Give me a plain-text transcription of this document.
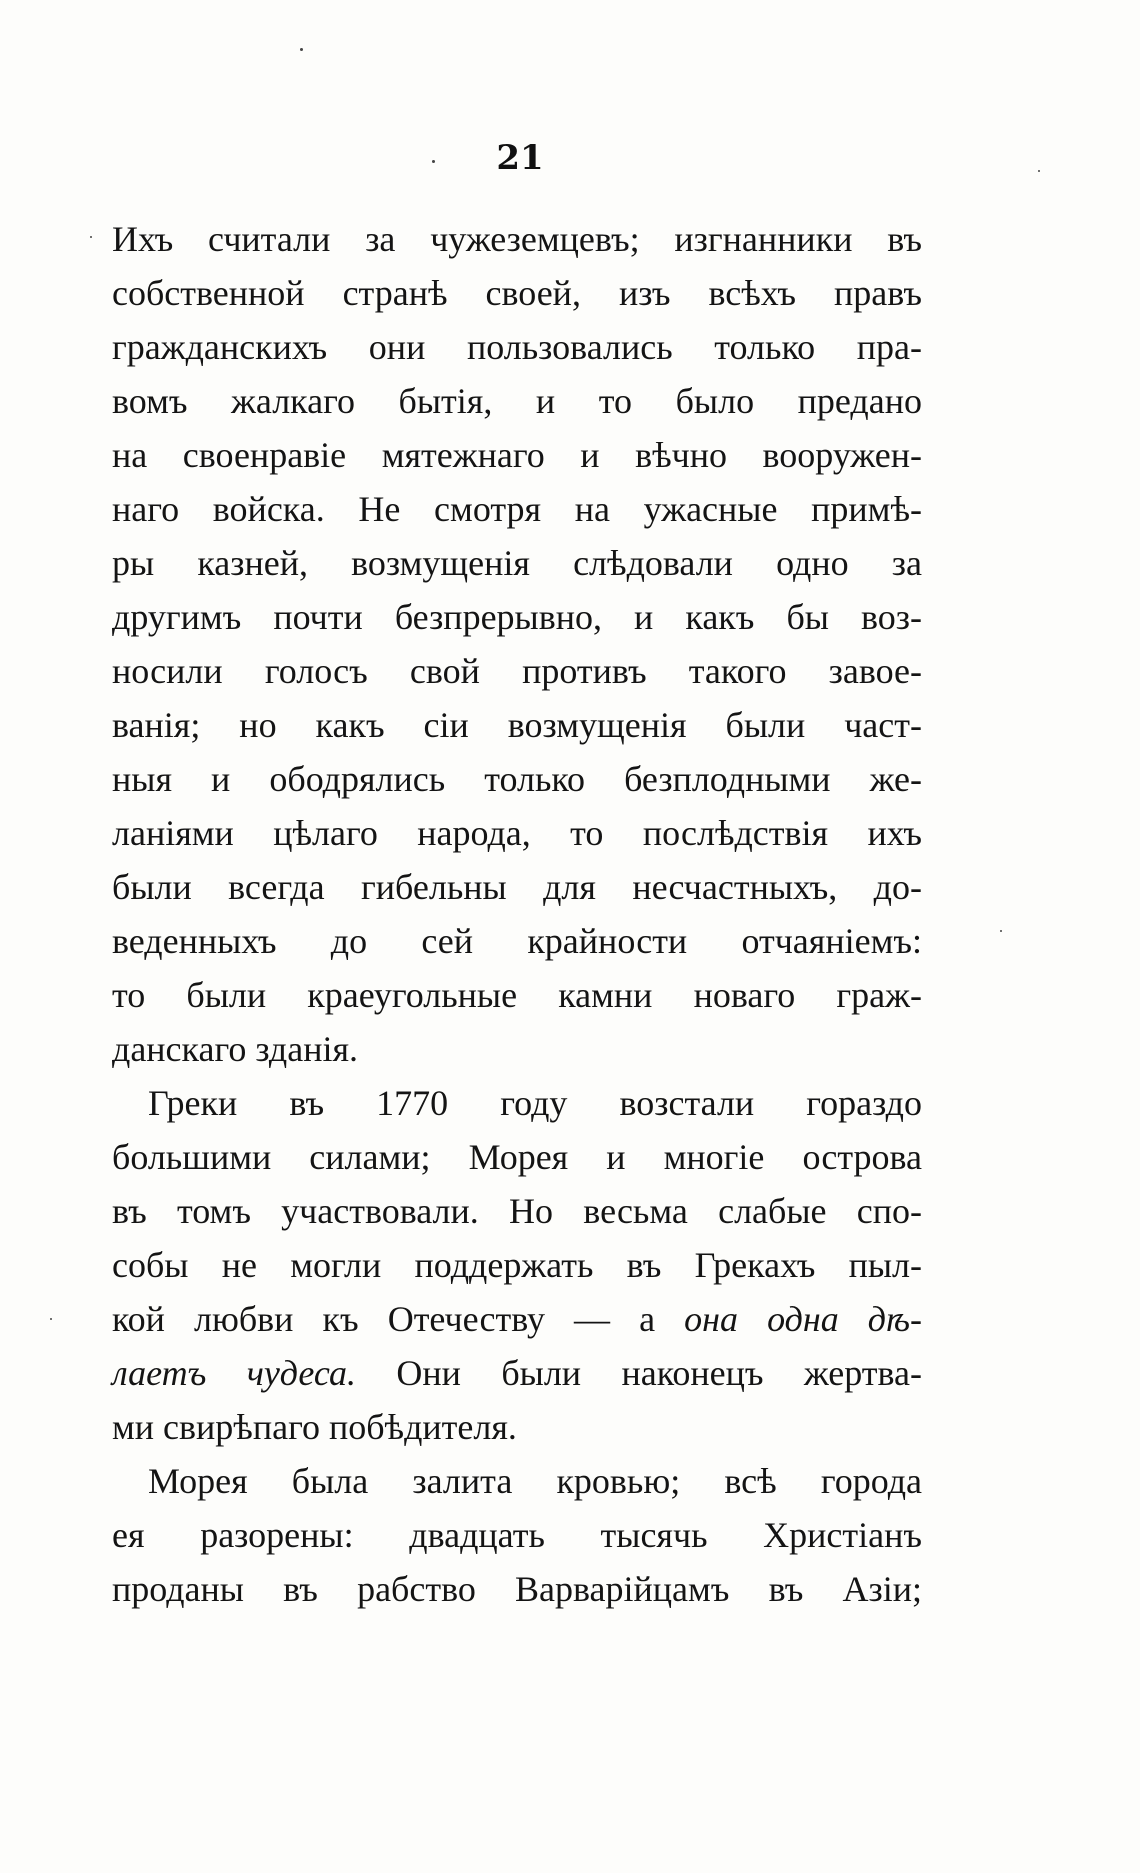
21
Ихъ считали за чужеземцевъ; изгнанники въ
собственной странѣ своей, изъ всѣхъ правъ
гражданскихъ они пользовались только пра-
вомъ жалкаго бытія, и то было предано
на своенравіе мятежнаго и вѣчно вооружен-
наго войска. Не смотря на ужасные примѣ-
ры казней, возмущенія слѣдовали одно за
другимъ почти безпрерывно, и какъ бы воз-
носили голосъ свой противъ такого завое-
ванія; но какъ сіи возмущенія были част-
ныя и ободрялись только безплодными же-
ланіями цѣлаго народа, то послѣдствія ихъ
были всегда гибельны для несчастныхъ, до-
веденныхъ до сей крайности отчаяніемъ:
то были краеугольные камни новаго граж-
данскаго зданія.
Греки въ 1770 году возстали гораздо
большими силами; Морея и многіе острова
въ томъ участвовали. Но весьма слабые спо-
собы не могли поддержать въ Грекахъ пыл-
кой любви къ Отечеству — а она одна дѣ-
лаетъ чудеса. Они были наконецъ жертва-
ми свирѣпаго побѣдителя.
Морея была залита кровью; всѣ города
ея разорены: двадцать тысячь Христіанъ
проданы въ рабство Варварійцамъ въ Азіи;
